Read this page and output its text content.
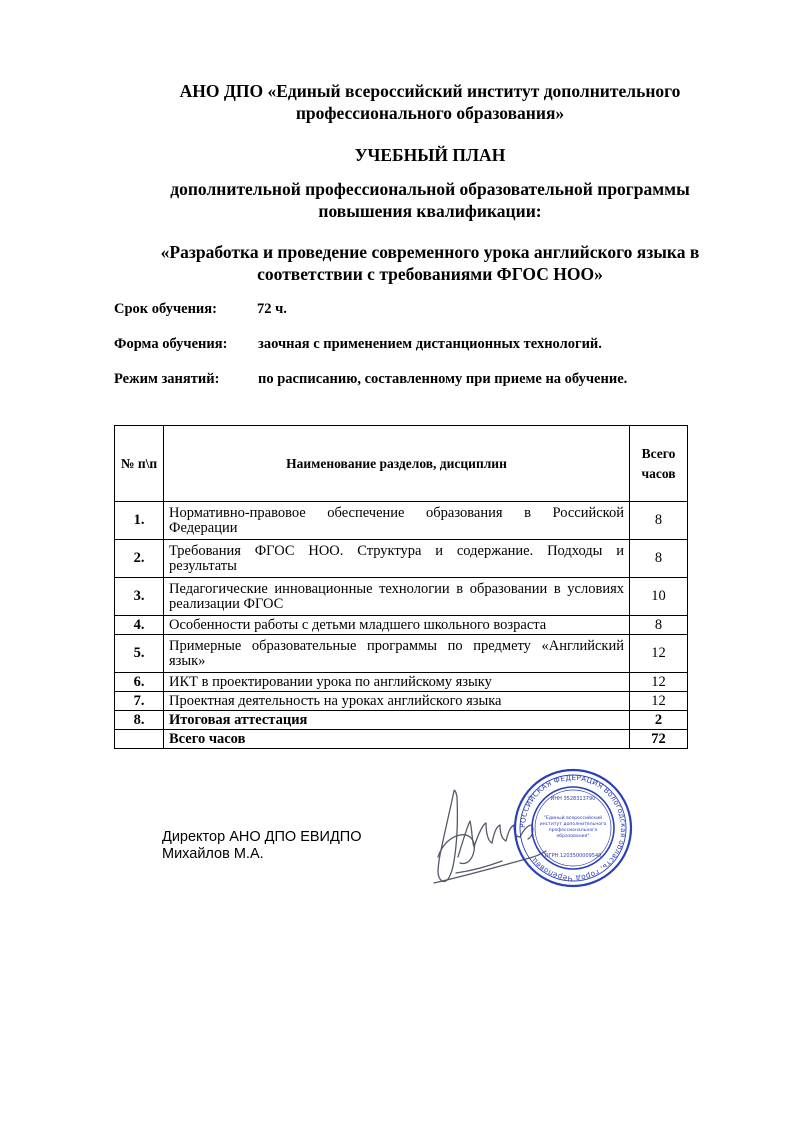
АНО ДПО «Единый всероссийский институт дополнительного
профессионального образования»
УЧЕБНЫЙ ПЛАН
дополнительной профессиональной образовательной программы
повышения квалификации:
«Разработка и проведение современного урока английского языка в
соответствии с требованиями ФГОС НОО»
Срок обучения:	72 ч.
Форма обучения: заочная с применением дистанционных технологий.
Режим занятий:	по расписанию, составленному при приеме на обучение.
№ п\п	Наименование разделов, дисциплин	Всего
часов

1.	Нормативно-правовое обеспечение образования в Российской Федерации	8
2.	Требования ФГОС НОО. Структура и содержание. Подходы и результаты	8
3.	Педагогические инновационные технологии в образовании в условиях реализации ФГОС	10
4.	Особенности работы с детьми младшего школьного возраста	8
5.	Примерные образовательные программы по предмету «Английский язык»	12
6.	ИКТ в проектировании урока по английскому языку	12
7.	Проектная деятельность на уроках английского языка	12
8.	Итоговая аттестация	2
	Всего часов	72
Директор АНО ДПО ЕВИДПО
Михайлов М.А.
РОССИЙСКАЯ ФЕДЕРАЦИЯ Вологодская область, город Череповец
ИНН 3528313790
"Единый всероссийский
институт дополнительного
профессионального
образования"
ОГРН 1203500009540
